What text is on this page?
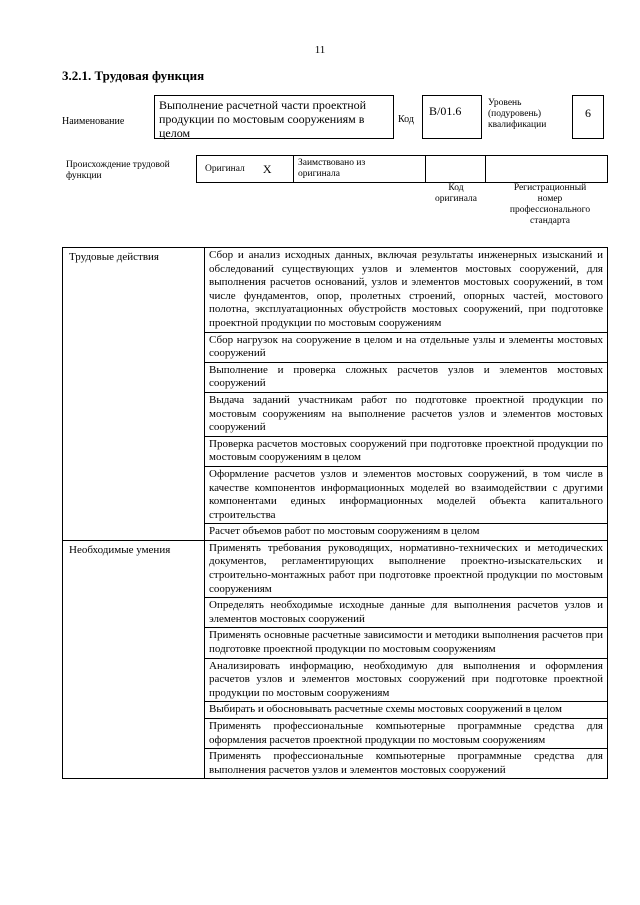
11
3.2.1. Трудовая функция
Наименование
Выполнение расчетной части проектной
продукции по мостовым сооружениям в
целом
Код
B/01.6
Уровень
(подуровень)
квалификации
6
Происхождение трудовой
функции
Оригинал X	Заимствовано из
оригинала
Код
оригинала
Регистрационный
номер
профессионального
стандарта
Трудовые действия	Сбор и анализ исходных данных, включая результаты инженерных изысканий и обследований существующих узлов и элементов мостовых сооружений, для выполнения расчетов оснований, узлов и элементов мостовых сооружений, в том числе фундаментов, опор, пролетных строений, опорных частей, мостового полотна, эксплуатационных обустройств мостовых сооружений, при подготовке проектной продукции по мостовым сооружениям
	Сбор нагрузок на сооружение в целом и на отдельные узлы и элементы мостовых сооружений
	Выполнение и проверка сложных расчетов узлов и элементов мостовых сооружений
	Выдача заданий участникам работ по подготовке проектной продукции по мостовым сооружениям на выполнение расчетов узлов и элементов мостовых сооружений
	Проверка расчетов мостовых сооружений при подготовке проектной продукции по мостовым сооружениям в целом
	Оформление расчетов узлов и элементов мостовых сооружений, в том числе в качестве компонентов информационных моделей во взаимодействии с другими компонентами единых информационных моделей объекта капитального строительства
	Расчет объемов работ по мостовым сооружениям в целом
Необходимые умения	Применять требования руководящих, нормативно-технических и методических документов, регламентирующих выполнение проектно-изыскательских и строительно-монтажных работ при подготовке проектной продукции по мостовым сооружениям
	Определять необходимые исходные данные для выполнения расчетов узлов и элементов мостовых сооружений
	Применять основные расчетные зависимости и методики выполнения расчетов при подготовке проектной продукции по мостовым сооружениям
	Анализировать информацию, необходимую для выполнения и оформления расчетов узлов и элементов мостовых сооружений при подготовке проектной продукции по мостовым сооружениям
	Выбирать и обосновывать расчетные схемы мостовых сооружений в целом
	Применять профессиональные компьютерные программные средства для оформления расчетов проектной продукции по мостовым сооружениям
	Применять профессиональные компьютерные программные средства для выполнения расчетов узлов и элементов мостовых сооружений
